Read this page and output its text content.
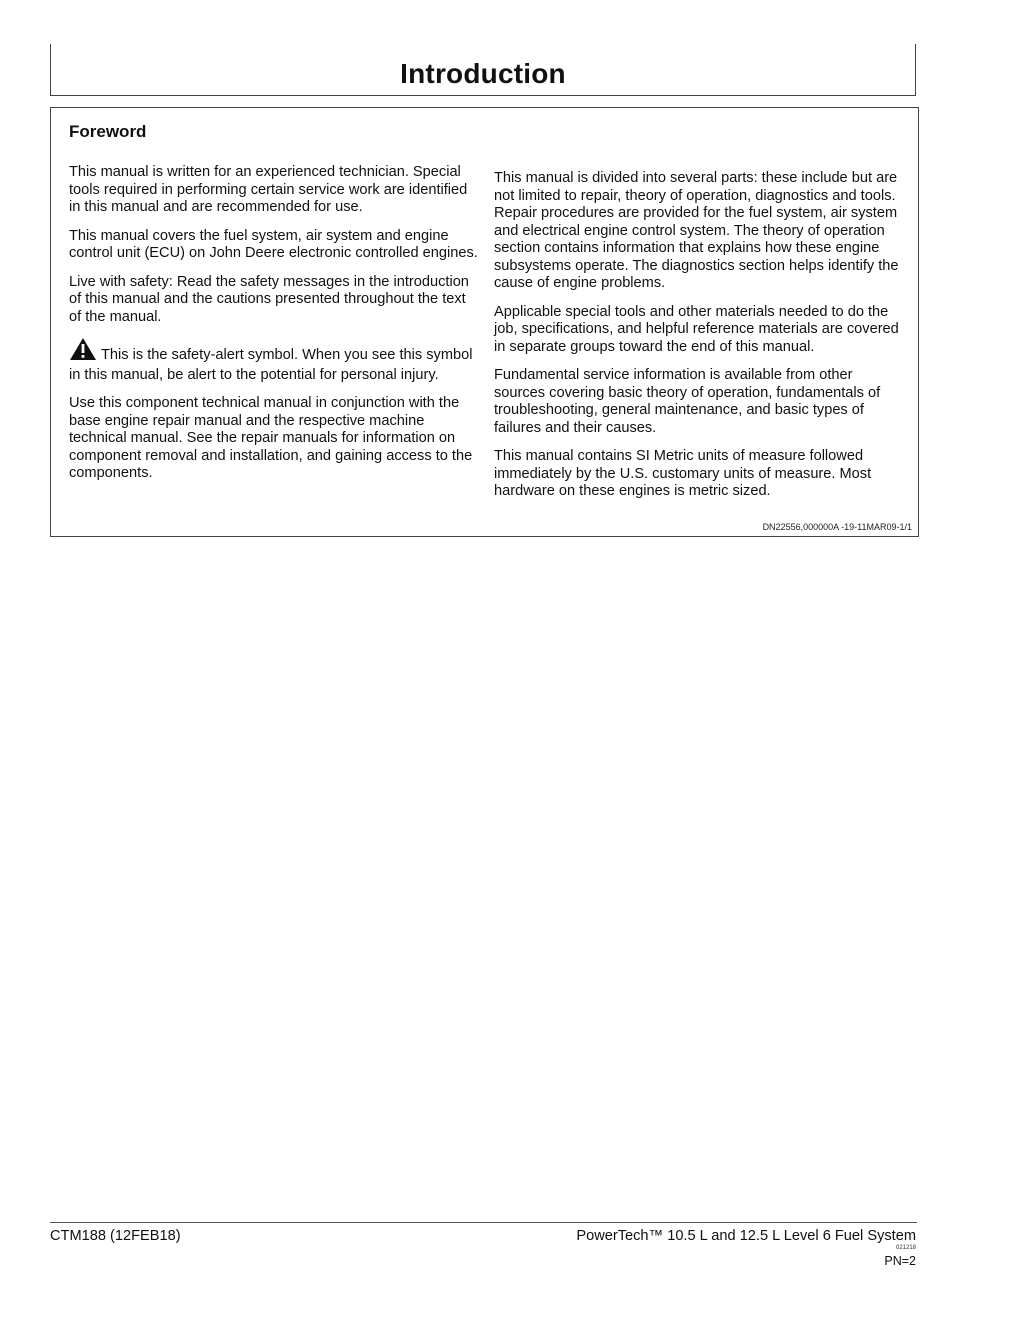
Introduction
Foreword

This manual is written for an experienced technician. Special tools required in performing certain service work are identified in this manual and are recommended for use.

This manual covers the fuel system, air system and engine control unit (ECU) on John Deere electronic controlled engines.

Live with safety: Read the safety messages in the introduction of this manual and the cautions presented throughout the text of the manual.

This is the safety-alert symbol. When you see this symbol in this manual, be alert to the potential for personal injury.

Use this component technical manual in conjunction with the base engine repair manual and the respective machine technical manual. See the repair manuals for information on component removal and installation, and gaining access to the components.

This manual is divided into several parts: these include but are not limited to repair, theory of operation, diagnostics and tools. Repair procedures are provided for the fuel system, air system and electrical engine control system. The theory of operation section contains information that explains how these engine subsystems operate. The diagnostics section helps identify the cause of engine problems.

Applicable special tools and other materials needed to do the job, specifications, and helpful reference materials are covered in separate groups toward the end of this manual.

Fundamental service information is available from other sources covering basic theory of operation, fundamentals of troubleshooting, general maintenance, and basic types of failures and their causes.

This manual contains SI Metric units of measure followed immediately by the U.S. customary units of measure. Most hardware on these engines is metric sized.

DN22556,000000A -19-11MAR09-1/1
CTM188 (12FEB18)	PowerTech™ 10.5 L and 12.5 L Level 6 Fuel System
021218
PN=2
